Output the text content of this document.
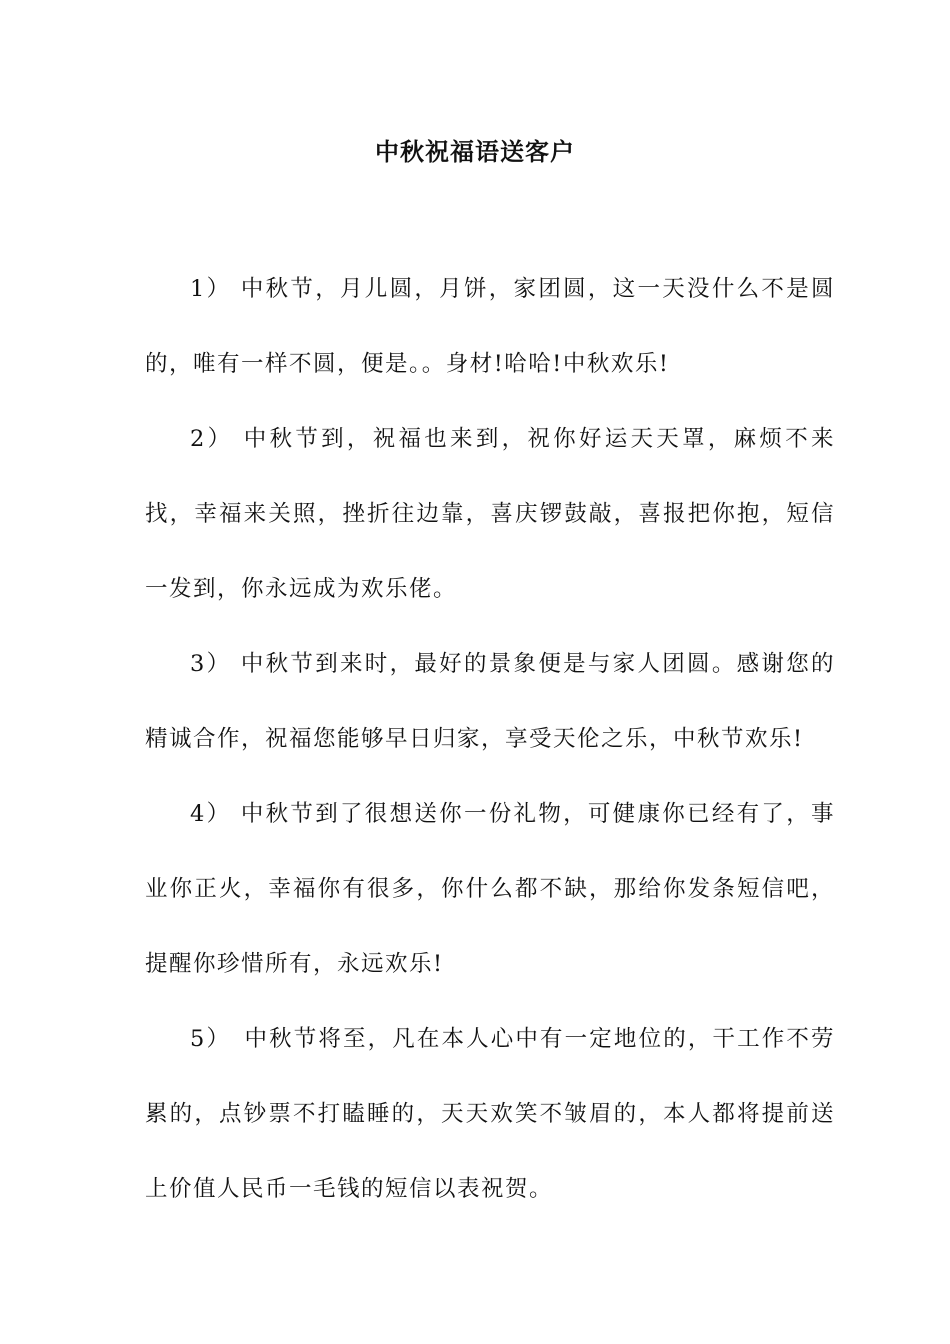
中秋祝福语送客户

1） 中秋节，月儿圆，月饼，家团圆，这一天没什么不是圆的，唯有一样不圆，便是。。身材!哈哈!中秋欢乐!

2） 中秋节到，祝福也来到，祝你好运天天罩，麻烦不来找，幸福来关照，挫折往边靠，喜庆锣鼓敲，喜报把你抱，短信一发到，你永远成为欢乐佬。

3） 中秋节到来时，最好的景象便是与家人团圆。感谢您的精诚合作，祝福您能够早日归家，享受天伦之乐，中秋节欢乐!

4） 中秋节到了很想送你一份礼物，可健康你已经有了，事业你正火，幸福你有很多，你什么都不缺，那给你发条短信吧，提醒你珍惜所有，永远欢乐!

5）　中秋节将至，凡在本人心中有一定地位的，干工作不劳累的，点钞票不打瞌睡的，天天欢笑不皱眉的，本人都将提前送上价值人民币一毛钱的短信以表祝贺。
